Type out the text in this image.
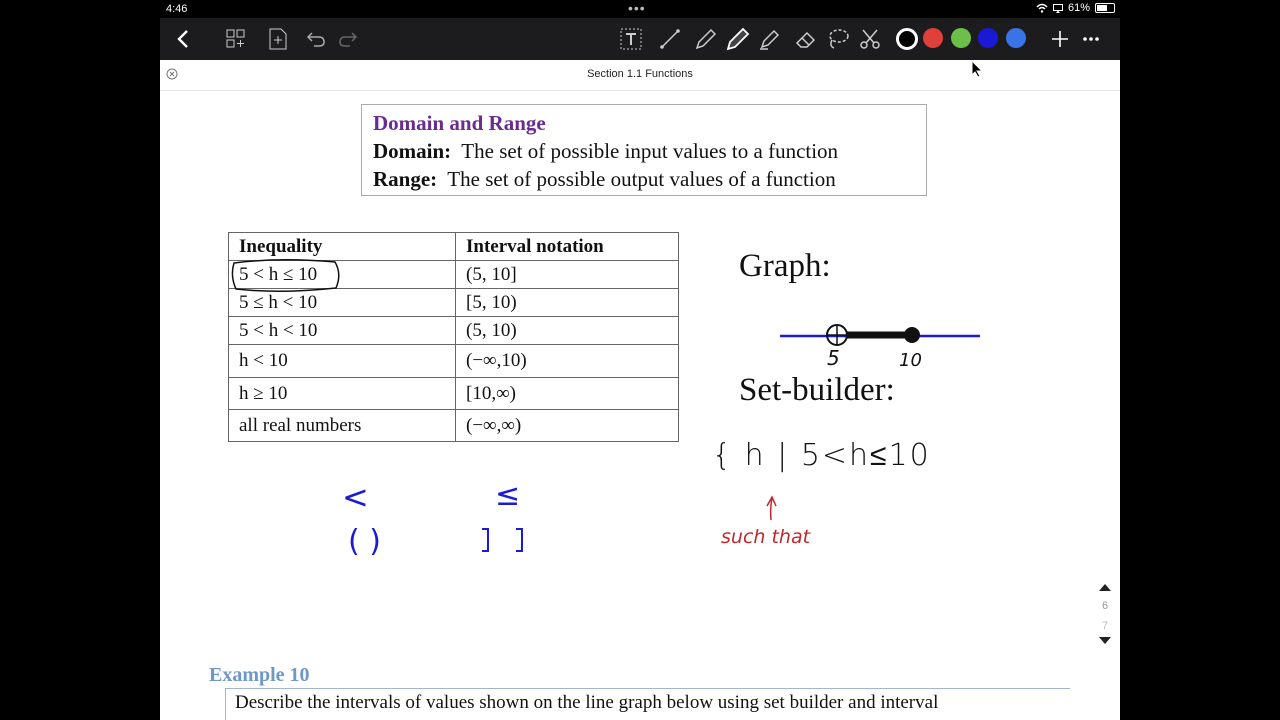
4:46	•••	61%
Section 1.1 Functions
Domain and Range
Domain: The set of possible input values to a function
Range: The set of possible output values of a function
Inequality	Interval notation
5 < h ≤ 10	(5, 10]
5 ≤ h < 10	[5, 10)
5 < h < 10	(5, 10)
h < 10	(−∞,10)
h ≥ 10	[10,∞)
all real numbers	(−∞,∞)
Graph:
Set-builder:
5	10
{ h | 5<h≤10
such that
<
( )
≤
Example 10
Describe the intervals of values shown on the line graph below using set builder and interval
6
7
